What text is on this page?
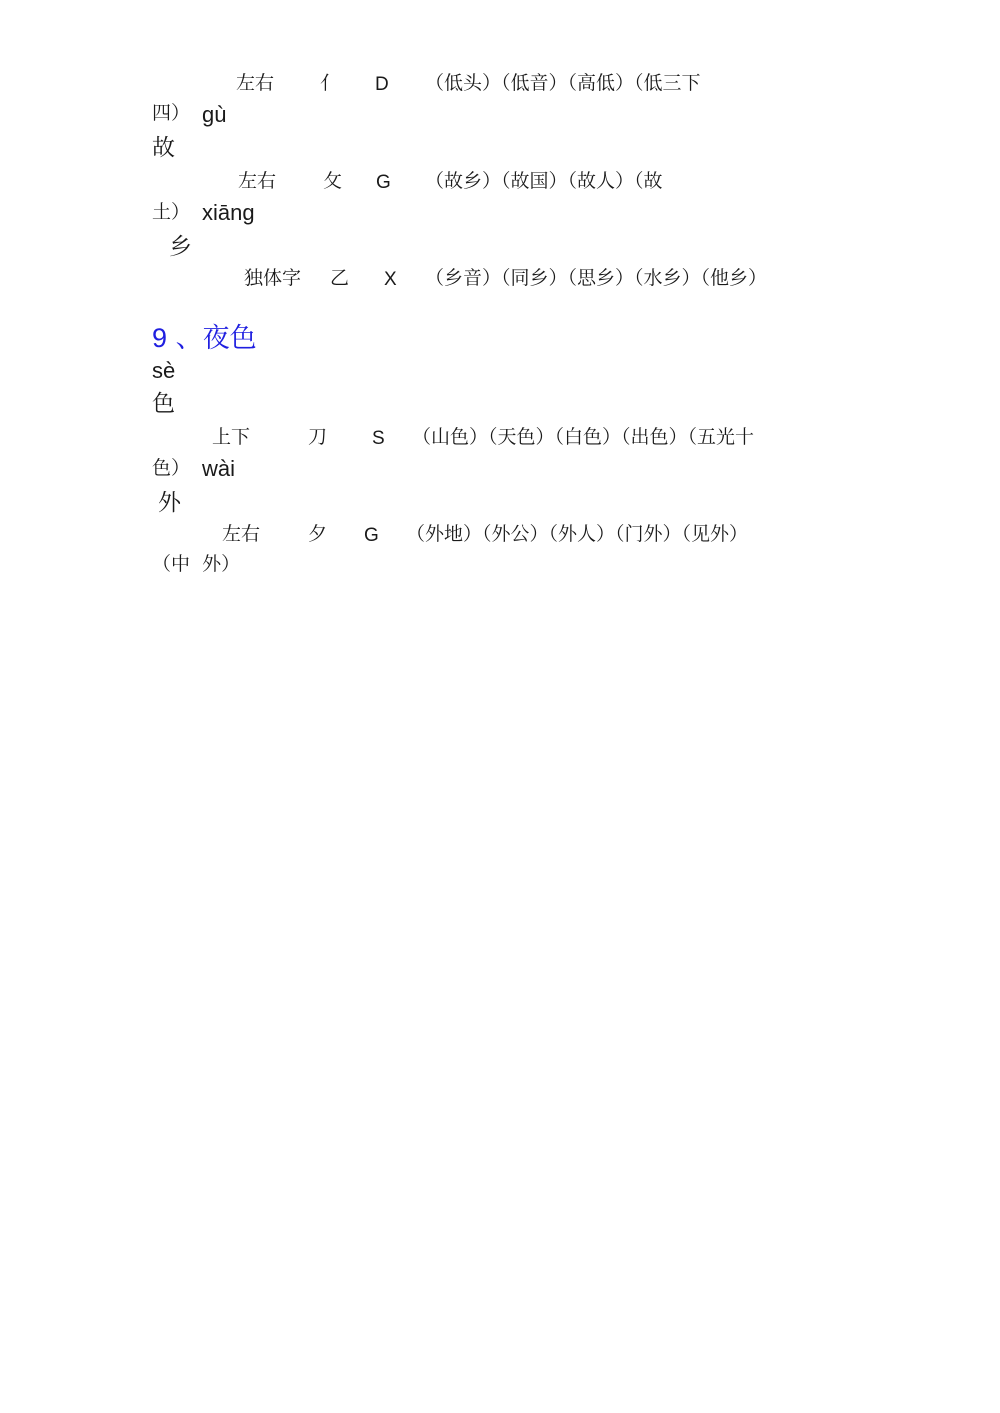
左右 亻 D （低头）（低音）（高低）（低三下
四） gù
故
左右 攵 G （故乡）（故国）（故人）（故
土） xiāng
乡
独体字 乙 X （乡音）（同乡）（思乡）（水乡）（他乡）
9 、夜色
sè
色
上下	刀 S （山色）（天色）（白色）（出色）（五光十
色） wài
外
左右	夕 G （外地）（外公）（外人）（门外）（见外）
（中  外）
